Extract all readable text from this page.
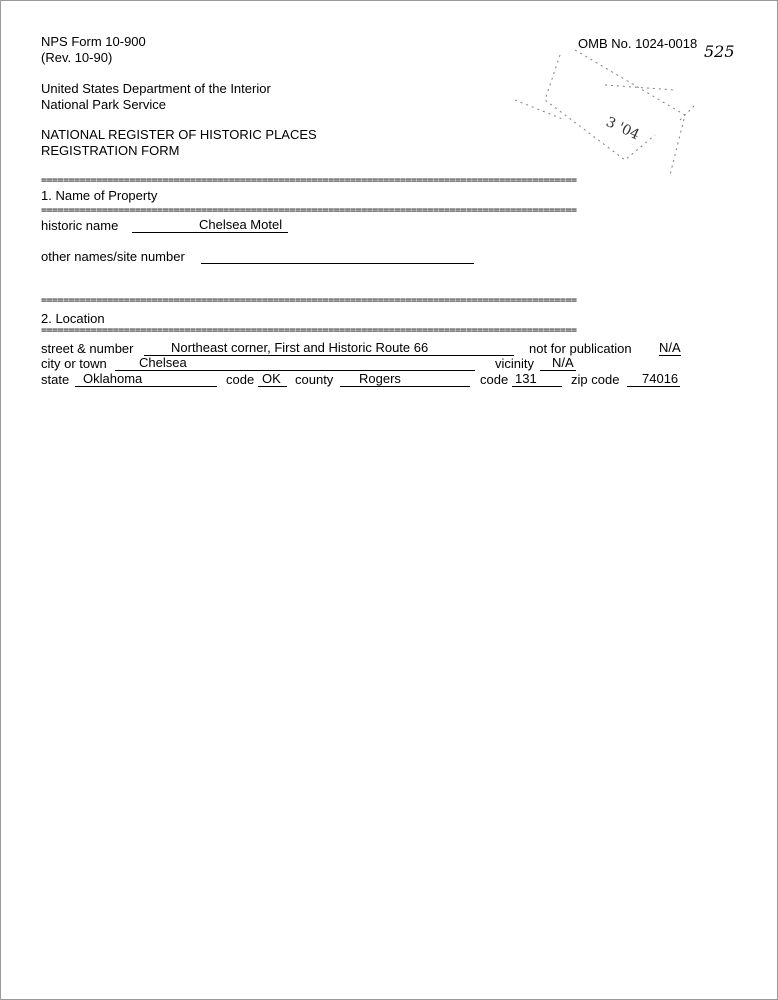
NPS Form 10-900
(Rev. 10-90)
OMB No. 1024-0018 525
United States Department of the Interior
National Park Service
NATIONAL REGISTER OF HISTORIC PLACES
REGISTRATION FORM
3 '04
=================================================================================================
1. Name of Property
=================================================================================================
historic name	Chelsea Motel
other names/site number
=================================================================================================
2. Location
=================================================================================================
street & number	Northeast corner, First and Historic Route 66	not for publication N/A
city or town Chelsea	vicinity N/A
state Oklahoma	code OK county Rogers	code 131	zip code 74016
